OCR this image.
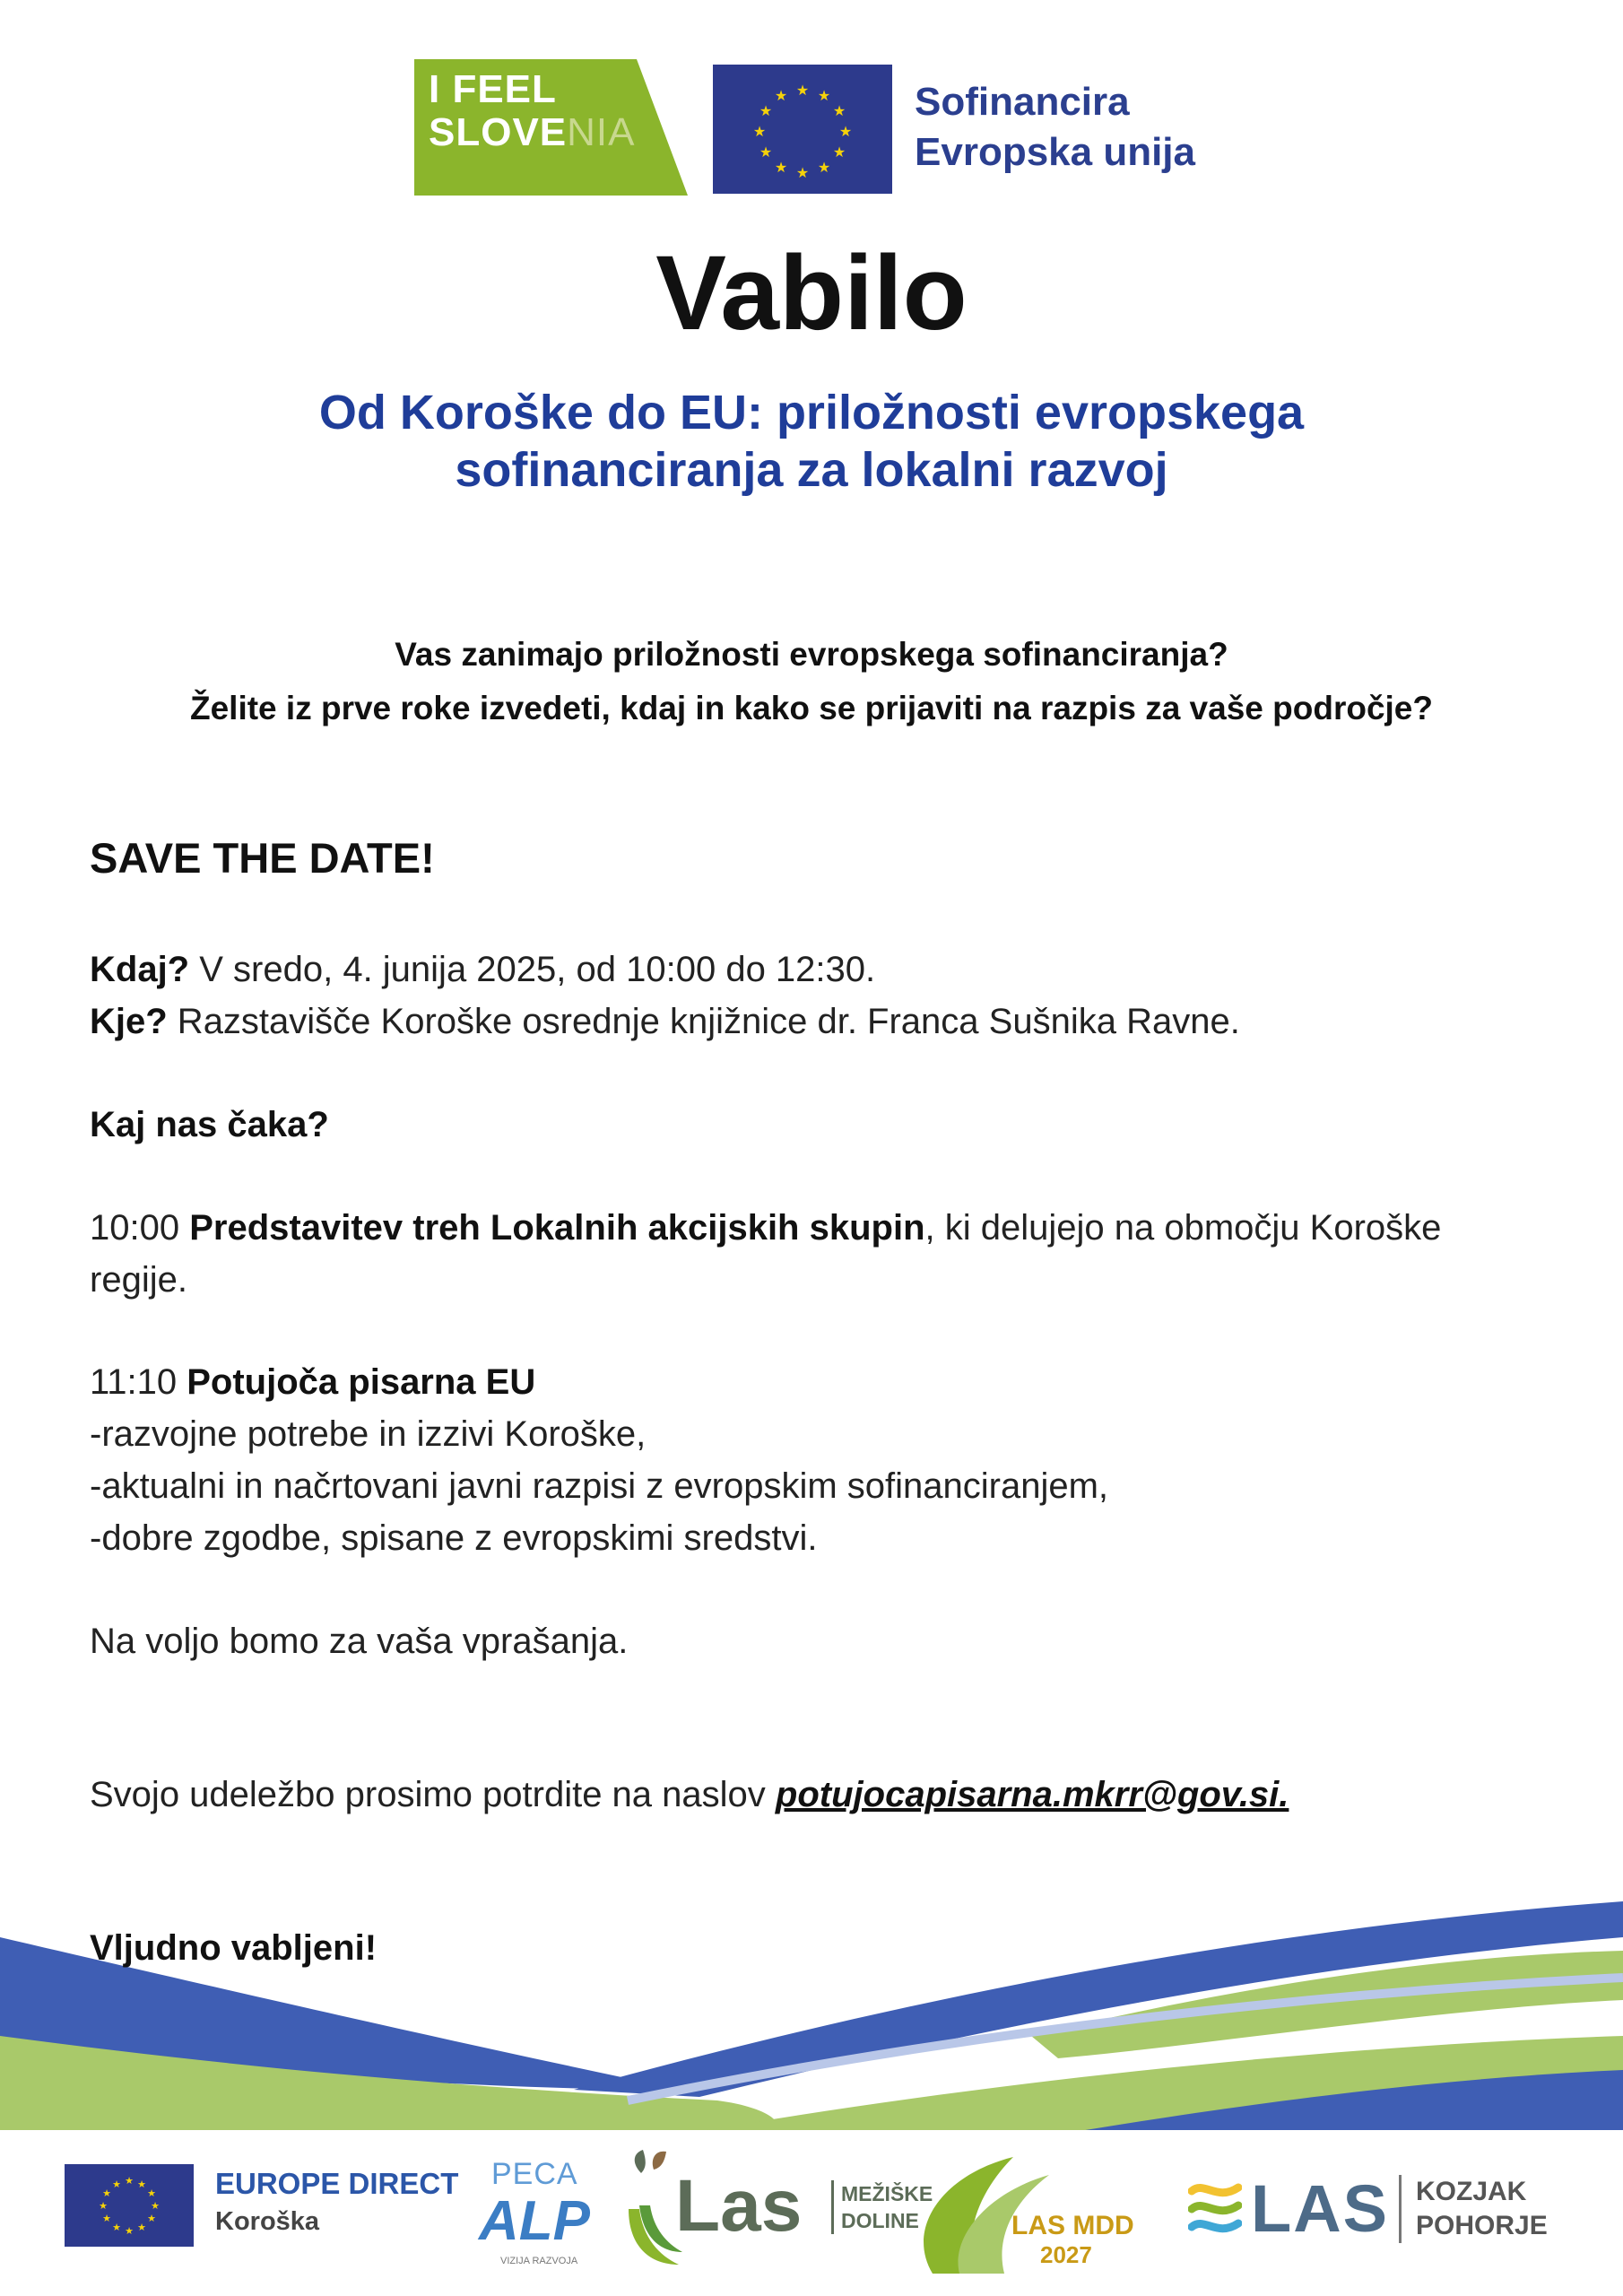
I FEEL
SLOVENIA
★ ★
★
★
★
★
★
★
★
★
★
★	Sofinancira
Evropska unija
Vabilo
Od Koroške do EU: priložnosti evropskega
sofinanciranja za lokalni razvoj
Vas zanimajo priložnosti evropskega sofinanciranja?
Želite iz prve roke izvedeti, kdaj in kako se prijaviti na razpis za vaše področje?
SAVE THE DATE!
Kdaj? V sredo, 4. junija 2025, od 10:00 do 12:30.
Kje? Razstavišče Koroške osrednje knjižnice dr. Franca Sušnika Ravne.
Kaj nas čaka?
10:00 Predstavitev treh Lokalnih akcijskih skupin, ki delujejo na območju Koroške
regije.
11:10 Potujoča pisarna EU
-razvojne potrebe in izzivi Koroške,
-aktualni in načrtovani javni razpisi z evropskim sofinanciranjem,
-dobre zgodbe, spisane z evropskimi sredstvi.
Na voljo bomo za vaša vprašanja.
Svojo udeležbo prosimo potrdite na naslov potujocapisarna.mkrr@gov.si.
Vljudno vabljeni!
★ ★
★
★
★
★
★
★
★
★
★
★	EUROPE DIRECT
Koroška
PECA
ALP
VIZIJA RAZVOJA
Las MEŽIŠKE
DOLINE	LAS MDD
2027
LAS KOZJAK
POHORJE
